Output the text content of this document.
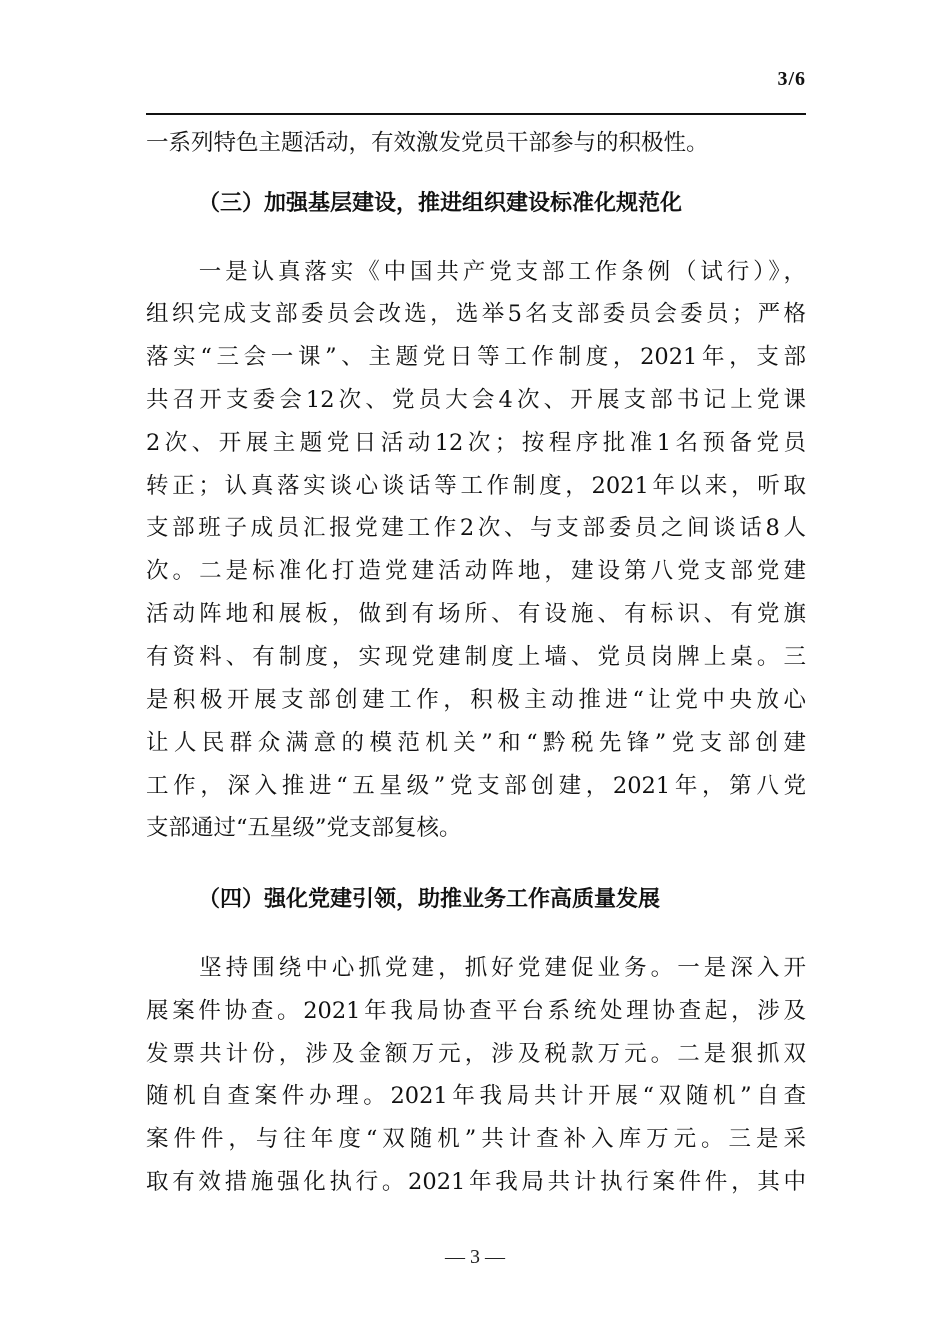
3/6
一系列特色主题活动，有效激发党员干部参与的积极性。
（三）加强基层建设，推进组织建设标准化规范化
　　一是认真落实《中国共产党支部工作条例（试行）》，
组织完成支部委员会改选，选举5名支部委员会委员；严格
落实“三会一课”、主题党日等工作制度，2021年，支部
共召开支委会12次、党员大会4次、开展支部书记上党课
2次、开展主题党日活动12次；按程序批准1名预备党员
转正；认真落实谈心谈话等工作制度，2021年以来，听取
支部班子成员汇报党建工作2次、与支部委员之间谈话8人
次。二是标准化打造党建活动阵地，建设第八党支部党建
活动阵地和展板，做到有场所、有设施、有标识、有党旗
有资料、有制度，实现党建制度上墙、党员岗牌上桌。三
是积极开展支部创建工作，积极主动推进“让党中央放心
让人民群众满意的模范机关”和“黔税先锋”党支部创建
工作，深入推进“五星级”党支部创建，2021年，第八党
支部通过“五星级”党支部复核。
（四）强化党建引领，助推业务工作高质量发展
　　坚持围绕中心抓党建，抓好党建促业务。一是深入开
展案件协查。2021年我局协查平台系统处理协查起，涉及
发票共计份，涉及金额万元，涉及税款万元。二是狠抓双
随机自查案件办理。2021年我局共计开展“双随机”自查
案件件，与往年度“双随机”共计查补入库万元。三是采
取有效措施强化执行。2021年我局共计执行案件件，其中
— 3 —
